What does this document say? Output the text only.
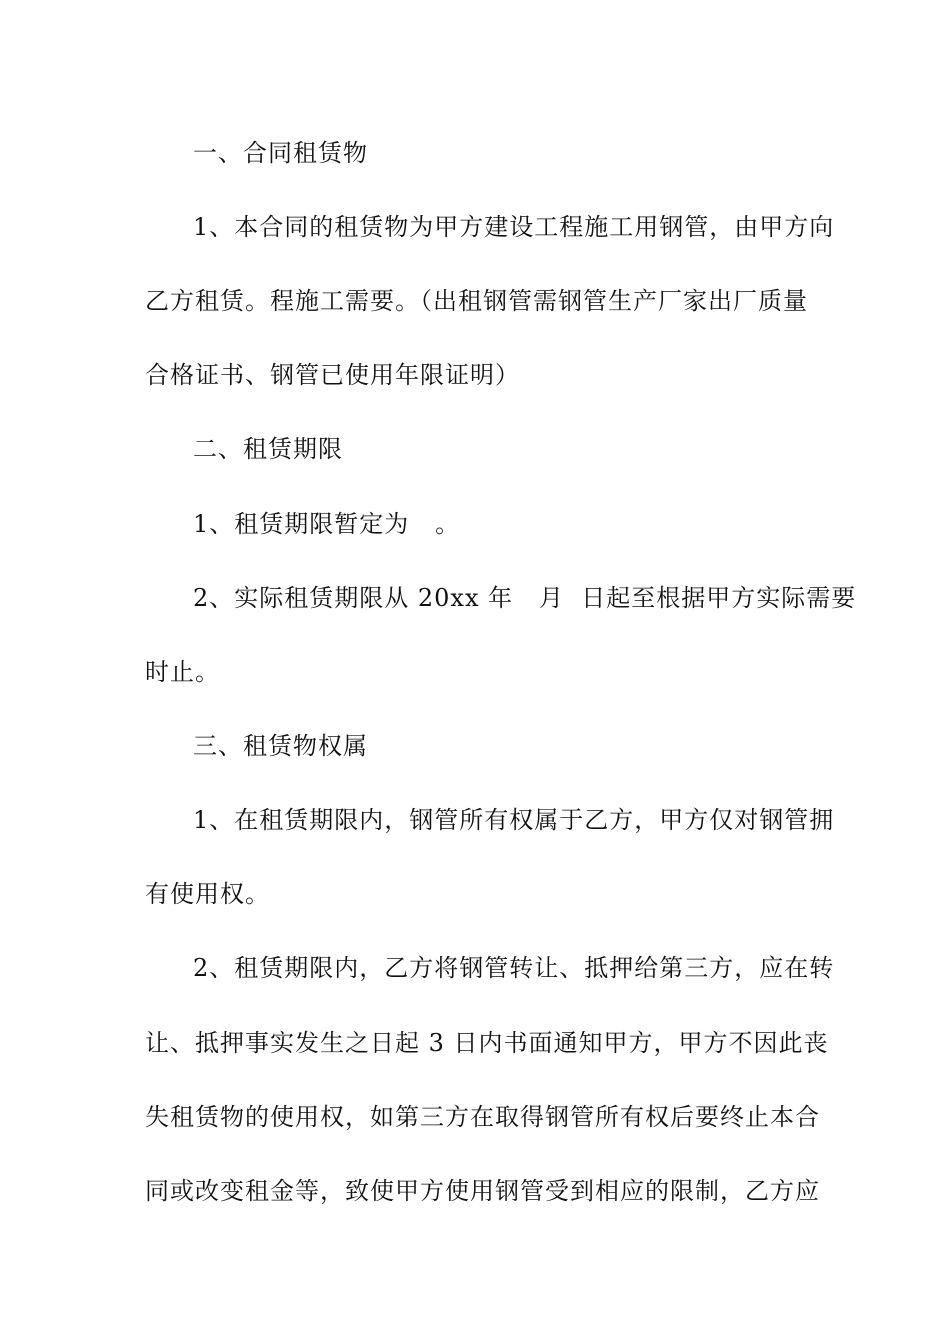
一、合同租赁物
1、本合同的租赁物为甲方建设工程施工用钢管，由甲方向
乙方租赁。程施工需要。（出租钢管需钢管生产厂家出厂质量
合格证书、钢管已使用年限证明）
二、租赁期限
1、租赁期限暂定为   。
2、实际租赁期限从 20xx 年   月  日起至根据甲方实际需要
时止。
三、租赁物权属
1、在租赁期限内，钢管所有权属于乙方，甲方仅对钢管拥
有使用权。
2、租赁期限内，乙方将钢管转让、抵押给第三方，应在转
让、抵押事实发生之日起 3 日内书面通知甲方，甲方不因此丧
失租赁物的使用权，如第三方在取得钢管所有权后要终止本合
同或改变租金等，致使甲方使用钢管受到相应的限制，乙方应
